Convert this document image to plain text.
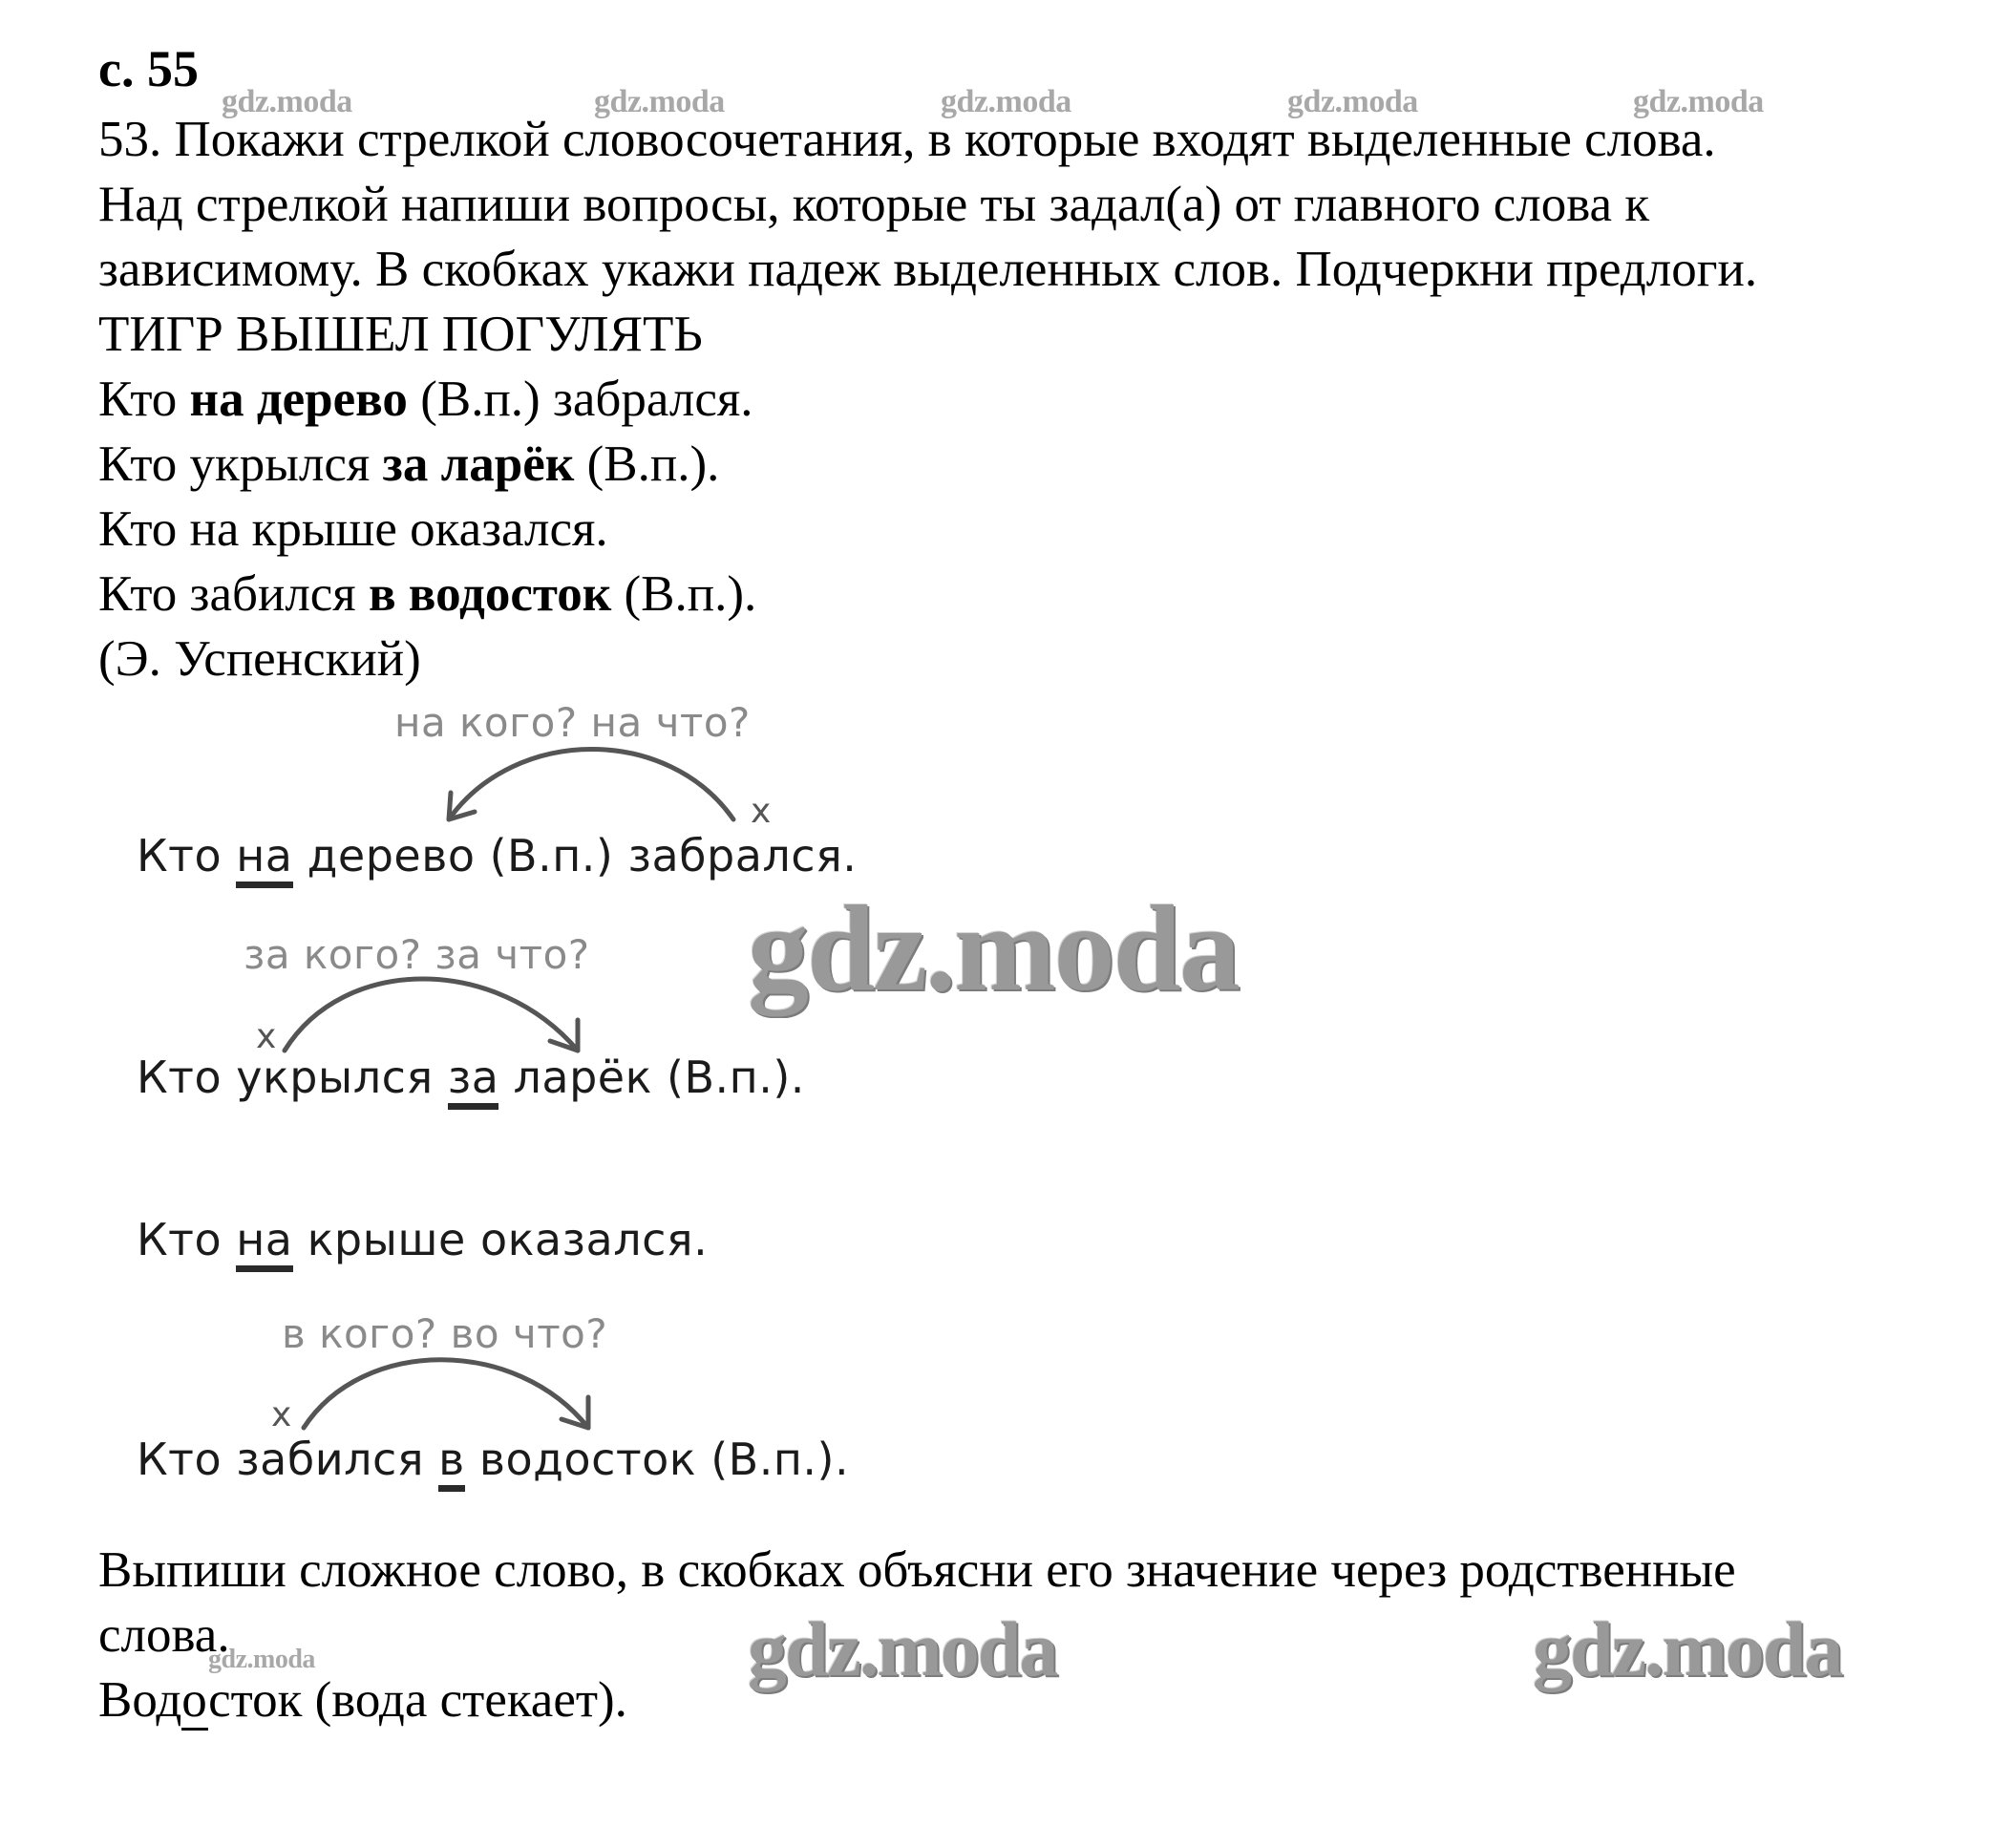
с. 55
gdz.moda	gdz.moda	gdz.moda	gdz.moda	gdz.moda
53. Покажи стрелкой словосочетания, в которые входят выделенные слова.
Над стрелкой напиши вопросы, которые ты задал(а) от главного слова к
зависимому. В скобках укажи падеж выделенных слов. Подчеркни предлоги.
ТИГР ВЫШЕЛ ПОГУЛЯТЬ
Кто на дерево (В.п.) забрался.
Кто укрылся за ларёк (В.п.).
Кто на крыше оказался.
Кто забился в водосток (В.п.).
(Э. Успенский)
на кого? на что?
х
Кто на дерево (В.п.) забрался.
gdz.moda
за кого? за что?
х
Кто укрылся за ларёк (В.п.).
Кто на крыше оказался.
в кого? во что?
х
Кто забился в водосток (В.п.).
Выпиши сложное слово, в скобках объясни его значение через родственные
слова.
gdz.moda
Водосток (вода стекает).
gdz.moda	gdz.moda
